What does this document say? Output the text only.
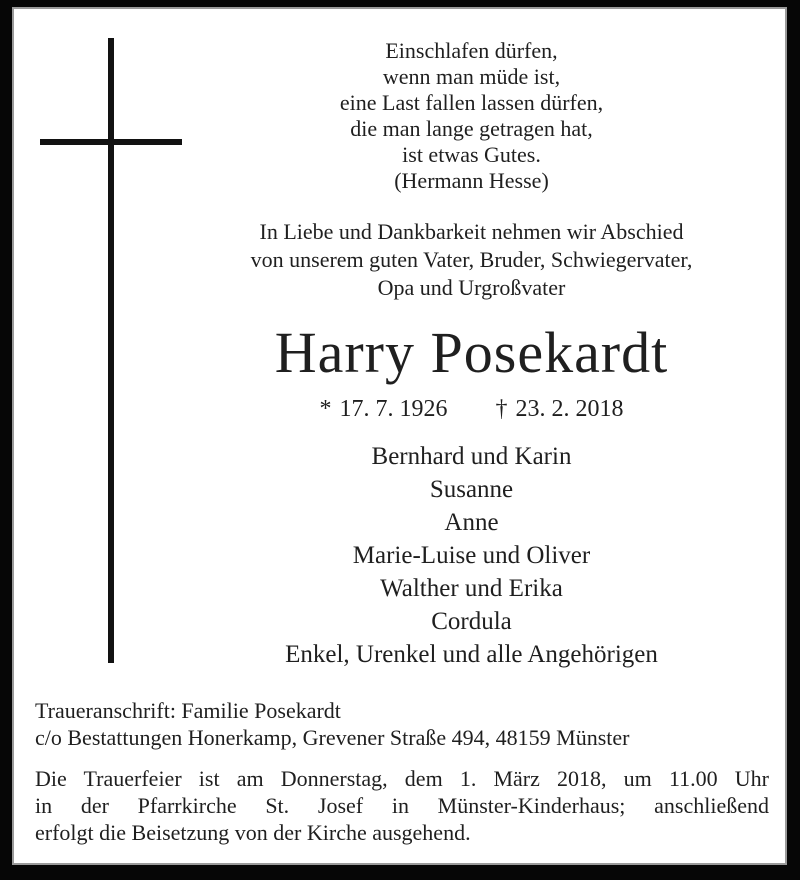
Einschlafen dürfen,
wenn man müde ist,
eine Last fallen lassen dürfen,
die man lange getragen hat,
ist etwas Gutes.
(Hermann Hesse)
In Liebe und Dankbarkeit nehmen wir Abschied
von unserem guten Vater, Bruder, Schwiegervater,
Opa und Urgroßvater
Harry Posekardt
* 17. 7. 1926 † 23. 2. 2018
Bernhard und Karin
Susanne
Anne
Marie-Luise und Oliver
Walther und Erika
Cordula
Enkel, Urenkel und alle Angehörigen
Traueranschrift: Familie Posekardt
c/o Bestattungen Honerkamp, Grevener Straße 494, 48159 Münster
Die Trauerfeier ist am Donnerstag, dem 1. März 2018, um 11.00 Uhr
in der Pfarrkirche St. Josef in Münster-Kinderhaus; anschließend
erfolgt die Beisetzung von der Kirche ausgehend.
